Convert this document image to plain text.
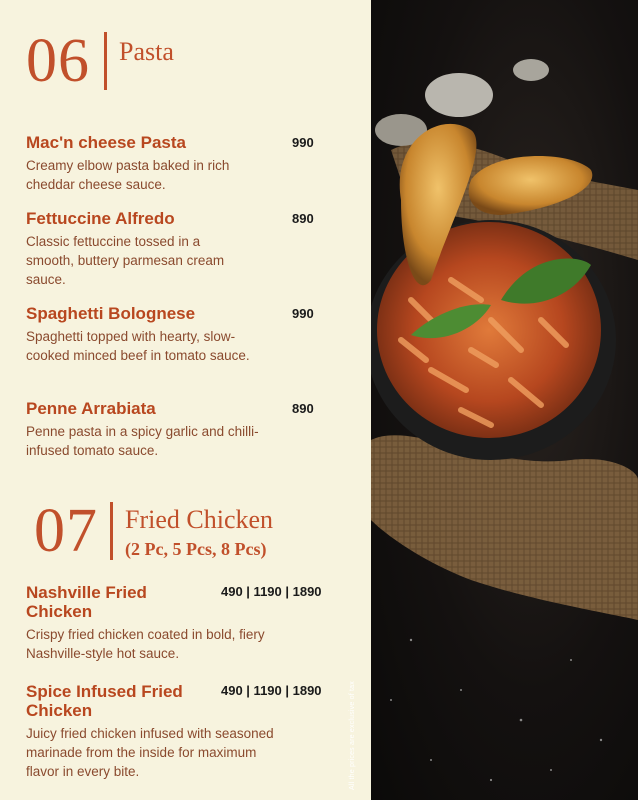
06 Pasta
Mac'n cheese Pasta	990
Creamy elbow pasta baked in rich cheddar cheese sauce.
Fettuccine Alfredo	890
Classic fettuccine tossed in a smooth, buttery parmesan cream sauce.
Spaghetti Bolognese	990
Spaghetti topped with hearty, slow-cooked minced beef in tomato sauce.
Penne Arrabiata	890
Penne pasta in a spicy garlic and chilli-infused tomato sauce.
07 Fried Chicken
(2 Pc, 5 Pcs, 8 Pcs)
Nashville Fried Chicken
490 | 1190 | 1890
Crispy fried chicken coated in bold, fiery Nashville-style hot sauce.
Spice Infused Fried Chicken
490 | 1190 | 1890
Juicy fried chicken infused with seasoned marinade from the inside for maximum flavor in every bite.	All the prices are exclusive of tax
